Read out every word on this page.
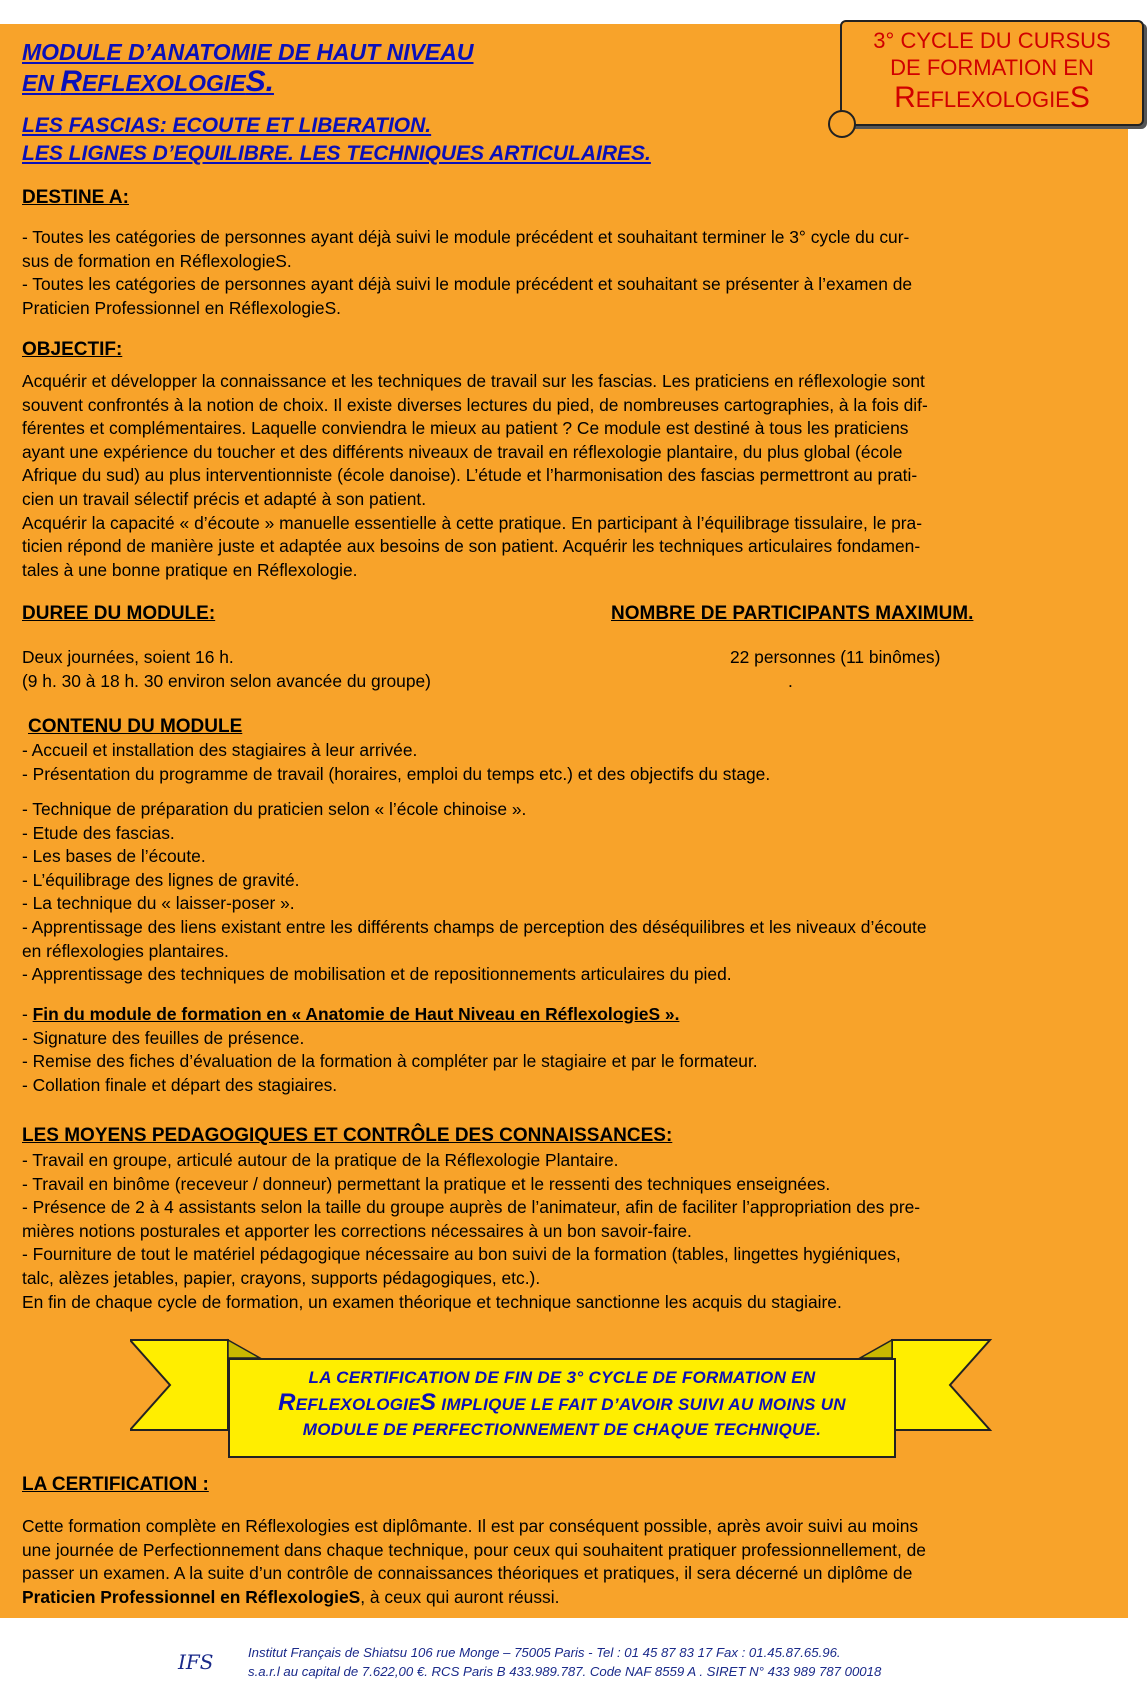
MODULE D’ANATOMIE DE HAUT NIVEAU
EN REFLEXOLOGIES.
LES FASCIAS: ECOUTE ET LIBERATION.
LES LIGNES D’EQUILIBRE. LES TECHNIQUES ARTICULAIRES.
3° CYCLE DU CURSUS
DE FORMATION EN
REFLEXOLOGIES
DESTINE A:
- Toutes les catégories de personnes ayant déjà suivi le module précédent et souhaitant terminer le 3° cycle du cur-
sus de formation en RéflexologieS.
- Toutes les catégories de personnes ayant déjà suivi le module précédent et souhaitant se présenter à l’examen de
Praticien Professionnel en RéflexologieS.
OBJECTIF:
Acquérir et développer la connaissance et les techniques de travail sur les fascias. Les praticiens en réflexologie sont
souvent confrontés à la notion de choix. Il existe diverses lectures du pied, de nombreuses cartographies, à la fois dif-
férentes et complémentaires. Laquelle conviendra le mieux au patient ? Ce module est destiné à tous les praticiens
ayant une expérience du toucher et des différents niveaux de travail en réflexologie plantaire, du plus global (école
Afrique du sud) au plus interventionniste (école danoise). L’étude et l’harmonisation des fascias permettront au prati-
cien un travail sélectif précis et adapté à son patient.
Acquérir la capacité « d’écoute » manuelle essentielle à cette pratique. En participant à l’équilibrage tissulaire, le pra-
ticien répond de manière juste et adaptée aux besoins de son patient. Acquérir les techniques articulaires fondamen-
tales à une bonne pratique en Réflexologie.
DUREE DU MODULE:	NOMBRE DE PARTICIPANTS MAXIMUM.
Deux journées, soient 16 h.
(9 h. 30 à 18 h. 30 environ selon avancée du groupe)
22 personnes (11 binômes)
.
CONTENU DU MODULE
- Accueil et installation des stagiaires à leur arrivée.
- Présentation du programme de travail (horaires, emploi du temps etc.) et des objectifs du stage.
- Technique de préparation du praticien selon « l’école chinoise ».
- Etude des fascias.
- Les bases de l’écoute.
- L’équilibrage des lignes de gravité.
- La technique du « laisser-poser ».
- Apprentissage des liens existant entre les différents champs de perception des déséquilibres et les niveaux d’écoute
en réflexologies plantaires.
- Apprentissage des techniques de mobilisation et de repositionnements articulaires du pied.
- Fin du module de formation en « Anatomie de Haut Niveau en RéflexologieS ».
- Signature des feuilles de présence.
- Remise des fiches d’évaluation de la formation à compléter par le stagiaire et par le formateur.
- Collation finale et départ des stagiaires.
LES MOYENS PEDAGOGIQUES ET CONTRÔLE DES CONNAISSANCES:
- Travail en groupe, articulé autour de la pratique de la Réflexologie Plantaire.
- Travail en binôme (receveur / donneur) permettant la pratique et le ressenti des techniques enseignées.
- Présence de 2 à 4 assistants selon la taille du groupe auprès de l’animateur, afin de faciliter l’appropriation des pre-
mières notions posturales et apporter les corrections nécessaires à un bon savoir-faire.
- Fourniture de tout le matériel pédagogique nécessaire au bon suivi de la formation (tables, lingettes hygiéniques,
talc, alèzes jetables, papier, crayons, supports pédagogiques, etc.).
En fin de chaque cycle de formation, un examen théorique et technique sanctionne les acquis du stagiaire.
LA CERTIFICATION DE FIN DE 3° CYCLE DE FORMATION EN
REFLEXOLOGIES IMPLIQUE LE FAIT D’AVOIR SUIVI AU MOINS UN
MODULE DE PERFECTIONNEMENT DE CHAQUE TECHNIQUE.
LA CERTIFICATION :
Cette formation complète en Réflexologies est diplômante. Il est par conséquent possible, après avoir suivi au moins
une journée de Perfectionnement dans chaque technique, pour ceux qui souhaitent pratiquer professionnellement, de
passer un examen. A la suite d’un contrôle de connaissances théoriques et pratiques, il sera décerné un diplôme de
Praticien Professionnel en RéflexologieS, à ceux qui auront réussi.
IFS	Institut Français de Shiatsu 106 rue Monge – 75005 Paris - Tel : 01 45 87 83 17 Fax : 01.45.87.65.96.
s.a.r.l au capital de 7.622,00 €. RCS Paris B 433.989.787. Code NAF 8559 A . SIRET N° 433 989 787 00018
